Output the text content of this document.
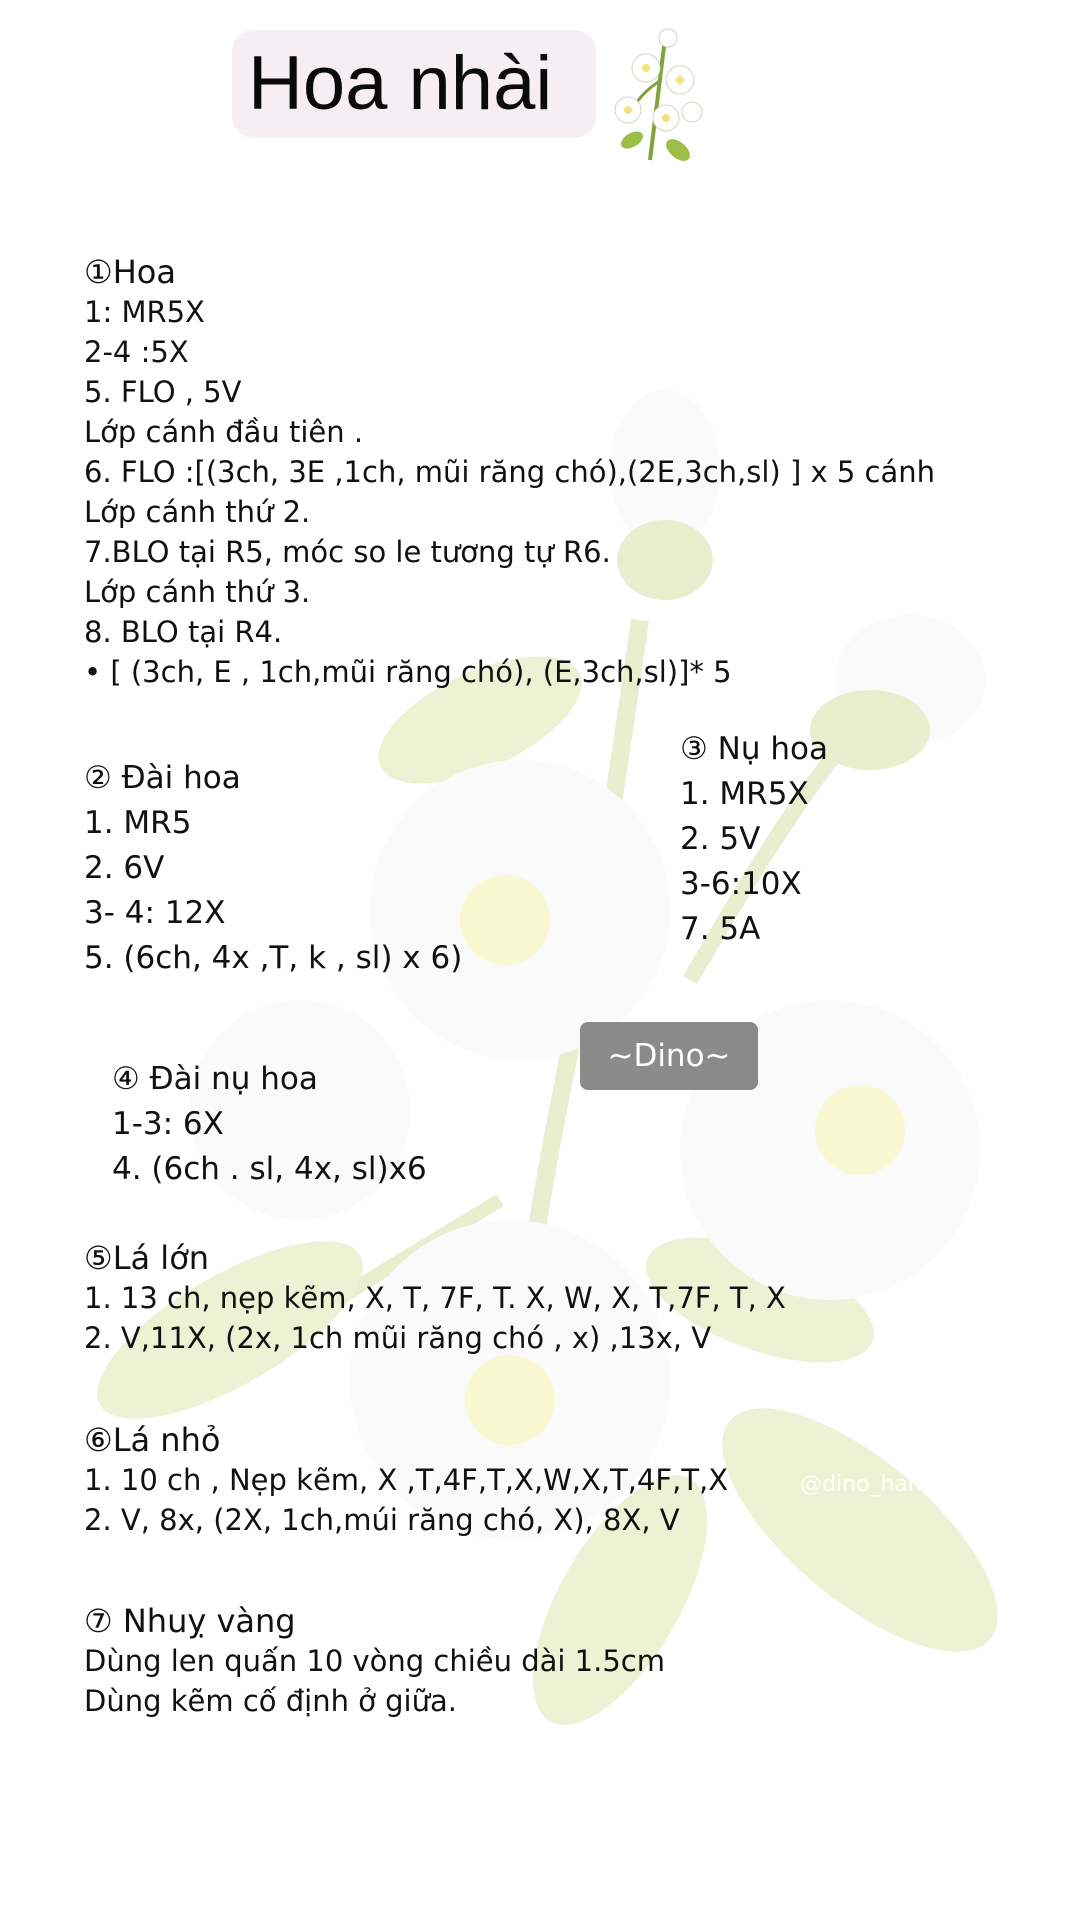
Hoa nhài
①Hoa
1: MR5X
2-4 :5X
5. FLO , 5V
Lớp cánh đầu tiên .
6. FLO :[(3ch, 3E ,1ch, mũi răng chó),(2E,3ch,sl) ] x 5 cánh
Lớp cánh thứ 2.
7.BLO tại R5, móc so le tương tự R6.
Lớp cánh thứ 3.
8. BLO tại R4.
• [ (3ch, E , 1ch,mũi răng chó), (E,3ch,sl)]* 5
② Đài hoa
1. MR5
2. 6V
3- 4: 12X
5. (6ch, 4x ,T, k , sl) x 6)
③ Nụ hoa
1. MR5X
2. 5V
3-6:10X
7. 5A
~Dino~
④ Đài nụ hoa
1-3: 6X
4. (6ch . sl, 4x, sl)x6
⑤Lá lớn
1. 13 ch, nẹp kẽm, X, T, 7F, T. X, W, X, T,7F, T, X
2. V,11X, (2x, 1ch mũi răng chó , x) ,13x, V
⑥Lá nhỏ
1. 10 ch , Nẹp kẽm, X ,T,4F,T,X,W,X,T,4F,T,X
2. V, 8x, (2X, 1ch,múi răng chó, X), 8X, V
@dino_handmade
⑦ Nhuỵ vàng
Dùng len quấn 10 vòng chiều dài 1.5cm
Dùng kẽm cố định ở giữa.
